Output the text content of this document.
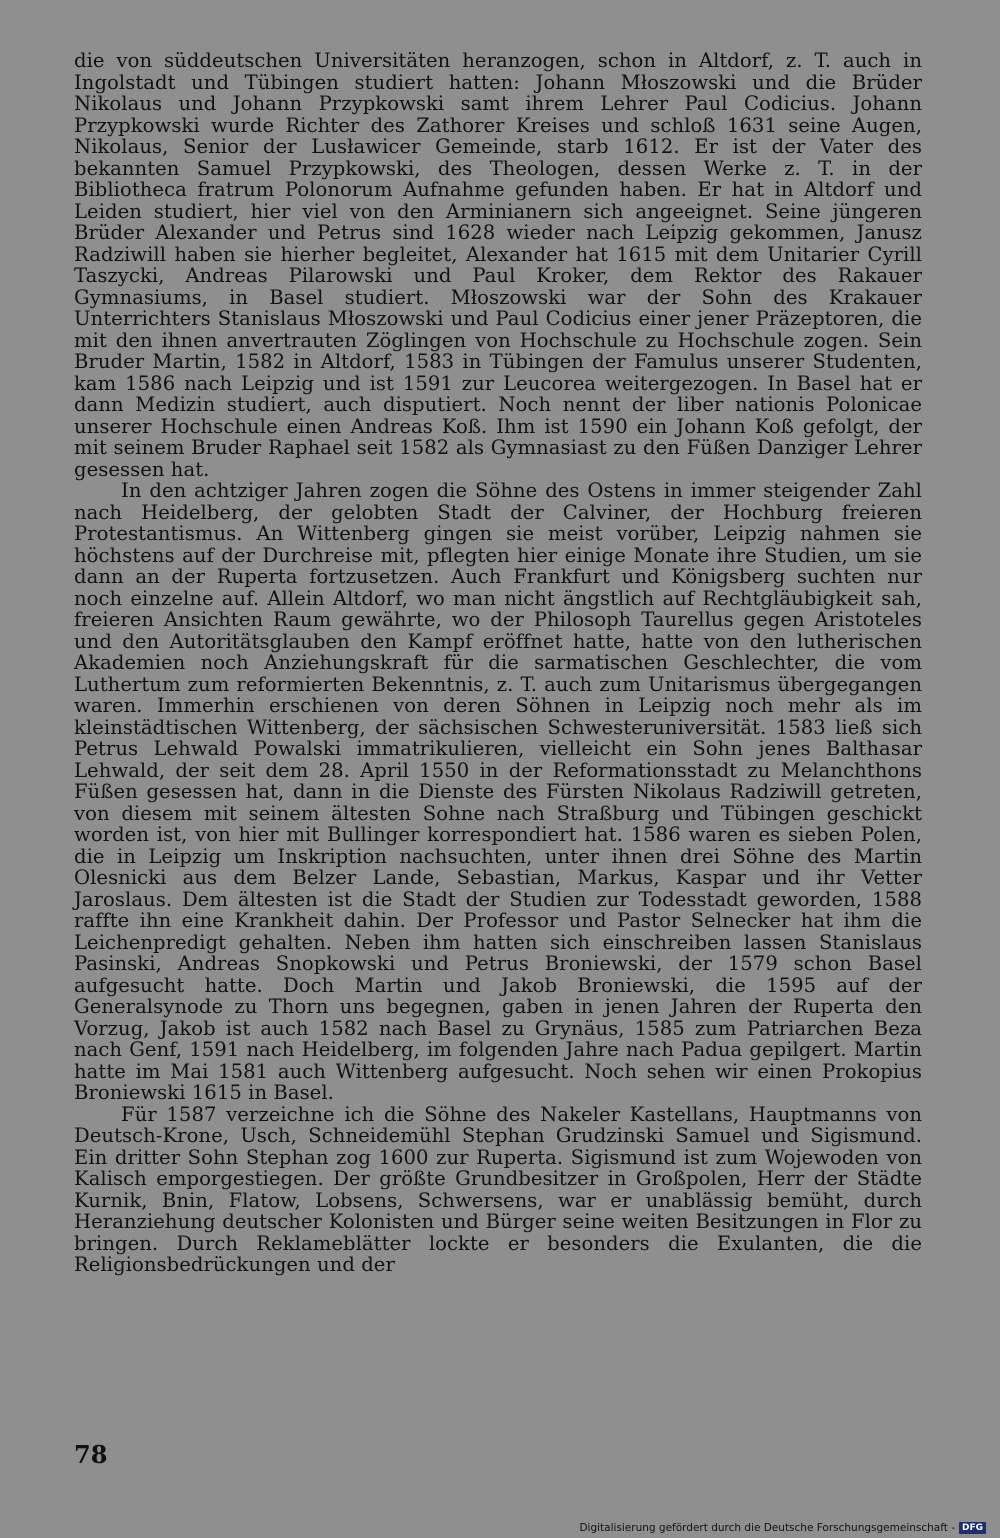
die von süddeutschen Universitäten heranzogen, schon in Altdorf, z. T. auch in Ingolstadt und Tübingen studiert hatten: Johann Młoszowski und die Brüder Nikolaus und Johann Przypkowski samt ihrem Lehrer Paul Codicius. Johann Przypkowski wurde Richter des Zathorer Kreises und schloß 1631 seine Augen, Nikolaus, Senior der Lusławicer Gemeinde, starb 1612. Er ist der Vater des bekannten Samuel Przypkowski, des Theologen, dessen Werke z. T. in der Bibliotheca fratrum Polonorum Aufnahme gefunden haben. Er hat in Altdorf und Leiden studiert, hier viel von den Arminianern sich angeeignet. Seine jüngeren Brüder Alexander und Petrus sind 1628 wieder nach Leipzig gekommen, Janusz Radziwill haben sie hierher begleitet, Alexander hat 1615 mit dem Unitarier Cyrill Taszycki, Andreas Pilarowski und Paul Kroker, dem Rektor des Rakauer Gymnasiums, in Basel studiert. Młoszowski war der Sohn des Krakauer Unterrichters Stanislaus Młoszowski und Paul Codicius einer jener Präzeptoren, die mit den ihnen anvertrauten Zöglingen von Hochschule zu Hochschule zogen. Sein Bruder Martin, 1582 in Altdorf, 1583 in Tübingen der Famulus unserer Studenten, kam 1586 nach Leipzig und ist 1591 zur Leucorea weitergezogen. In Basel hat er dann Medizin studiert, auch disputiert. Noch nennt der liber nationis Polonicae unserer Hochschule einen Andreas Koß. Ihm ist 1590 ein Johann Koß gefolgt, der mit seinem Bruder Raphael seit 1582 als Gymnasiast zu den Füßen Danziger Lehrer gesessen hat.

In den achtziger Jahren zogen die Söhne des Ostens in immer steigender Zahl nach Heidelberg, der gelobten Stadt der Calviner, der Hochburg freieren Protestantismus. An Wittenberg gingen sie meist vorüber, Leipzig nahmen sie höchstens auf der Durchreise mit, pflegten hier einige Monate ihre Studien, um sie dann an der Ruperta fortzusetzen. Auch Frankfurt und Königsberg suchten nur noch einzelne auf. Allein Altdorf, wo man nicht ängstlich auf Rechtgläubigkeit sah, freieren Ansichten Raum gewährte, wo der Philosoph Taurellus gegen Aristoteles und den Autoritätsglauben den Kampf eröffnet hatte, hatte von den lutherischen Akademien noch Anziehungskraft für die sarmatischen Geschlechter, die vom Luthertum zum reformierten Bekenntnis, z. T. auch zum Unitarismus übergegangen waren. Immerhin erschienen von deren Söhnen in Leipzig noch mehr als im kleinstädtischen Wittenberg, der sächsischen Schwesteruniversität. 1583 ließ sich Petrus Lehwald Powalski immatrikulieren, vielleicht ein Sohn jenes Balthasar Lehwald, der seit dem 28. April 1550 in der Reformationsstadt zu Melanchthons Füßen gesessen hat, dann in die Dienste des Fürsten Nikolaus Radziwill getreten, von diesem mit seinem ältesten Sohne nach Straßburg und Tübingen geschickt worden ist, von hier mit Bullinger korrespondiert hat. 1586 waren es sieben Polen, die in Leipzig um Inskription nachsuchten, unter ihnen drei Söhne des Martin Olesnicki aus dem Belzer Lande, Sebastian, Markus, Kaspar und ihr Vetter Jaroslaus. Dem ältesten ist die Stadt der Studien zur Todesstadt geworden, 1588 raffte ihn eine Krankheit dahin. Der Professor und Pastor Selnecker hat ihm die Leichenpredigt gehalten. Neben ihm hatten sich einschreiben lassen Stanislaus Pasinski, Andreas Snopkowski und Petrus Broniewski, der 1579 schon Basel aufgesucht hatte. Doch Martin und Jakob Broniewski, die 1595 auf der Generalsynode zu Thorn uns begegnen, gaben in jenen Jahren der Ruperta den Vorzug, Jakob ist auch 1582 nach Basel zu Grynäus, 1585 zum Patriarchen Beza nach Genf, 1591 nach Heidelberg, im folgenden Jahre nach Padua gepilgert. Martin hatte im Mai 1581 auch Wittenberg aufgesucht. Noch sehen wir einen Prokopius Broniewski 1615 in Basel.

Für 1587 verzeichne ich die Söhne des Nakeler Kastellans, Hauptmanns von Deutsch-Krone, Usch, Schneidemühl Stephan Grudzinski Samuel und Sigismund. Ein dritter Sohn Stephan zog 1600 zur Ruperta. Sigismund ist zum Wojewoden von Kalisch emporgestiegen. Der größte Grundbesitzer in Großpolen, Herr der Städte Kurnik, Bnin, Flatow, Lobsens, Schwersens, war er unablässig bemüht, durch Heranziehung deutscher Kolonisten und Bürger seine weiten Besitzungen in Flor zu bringen. Durch Reklameblätter lockte er besonders die Exulanten, die die Religionsbedrückungen und der

78
Digitalisierung gefördert durch die Deutsche Forschungsgemeinschaft - DFG
